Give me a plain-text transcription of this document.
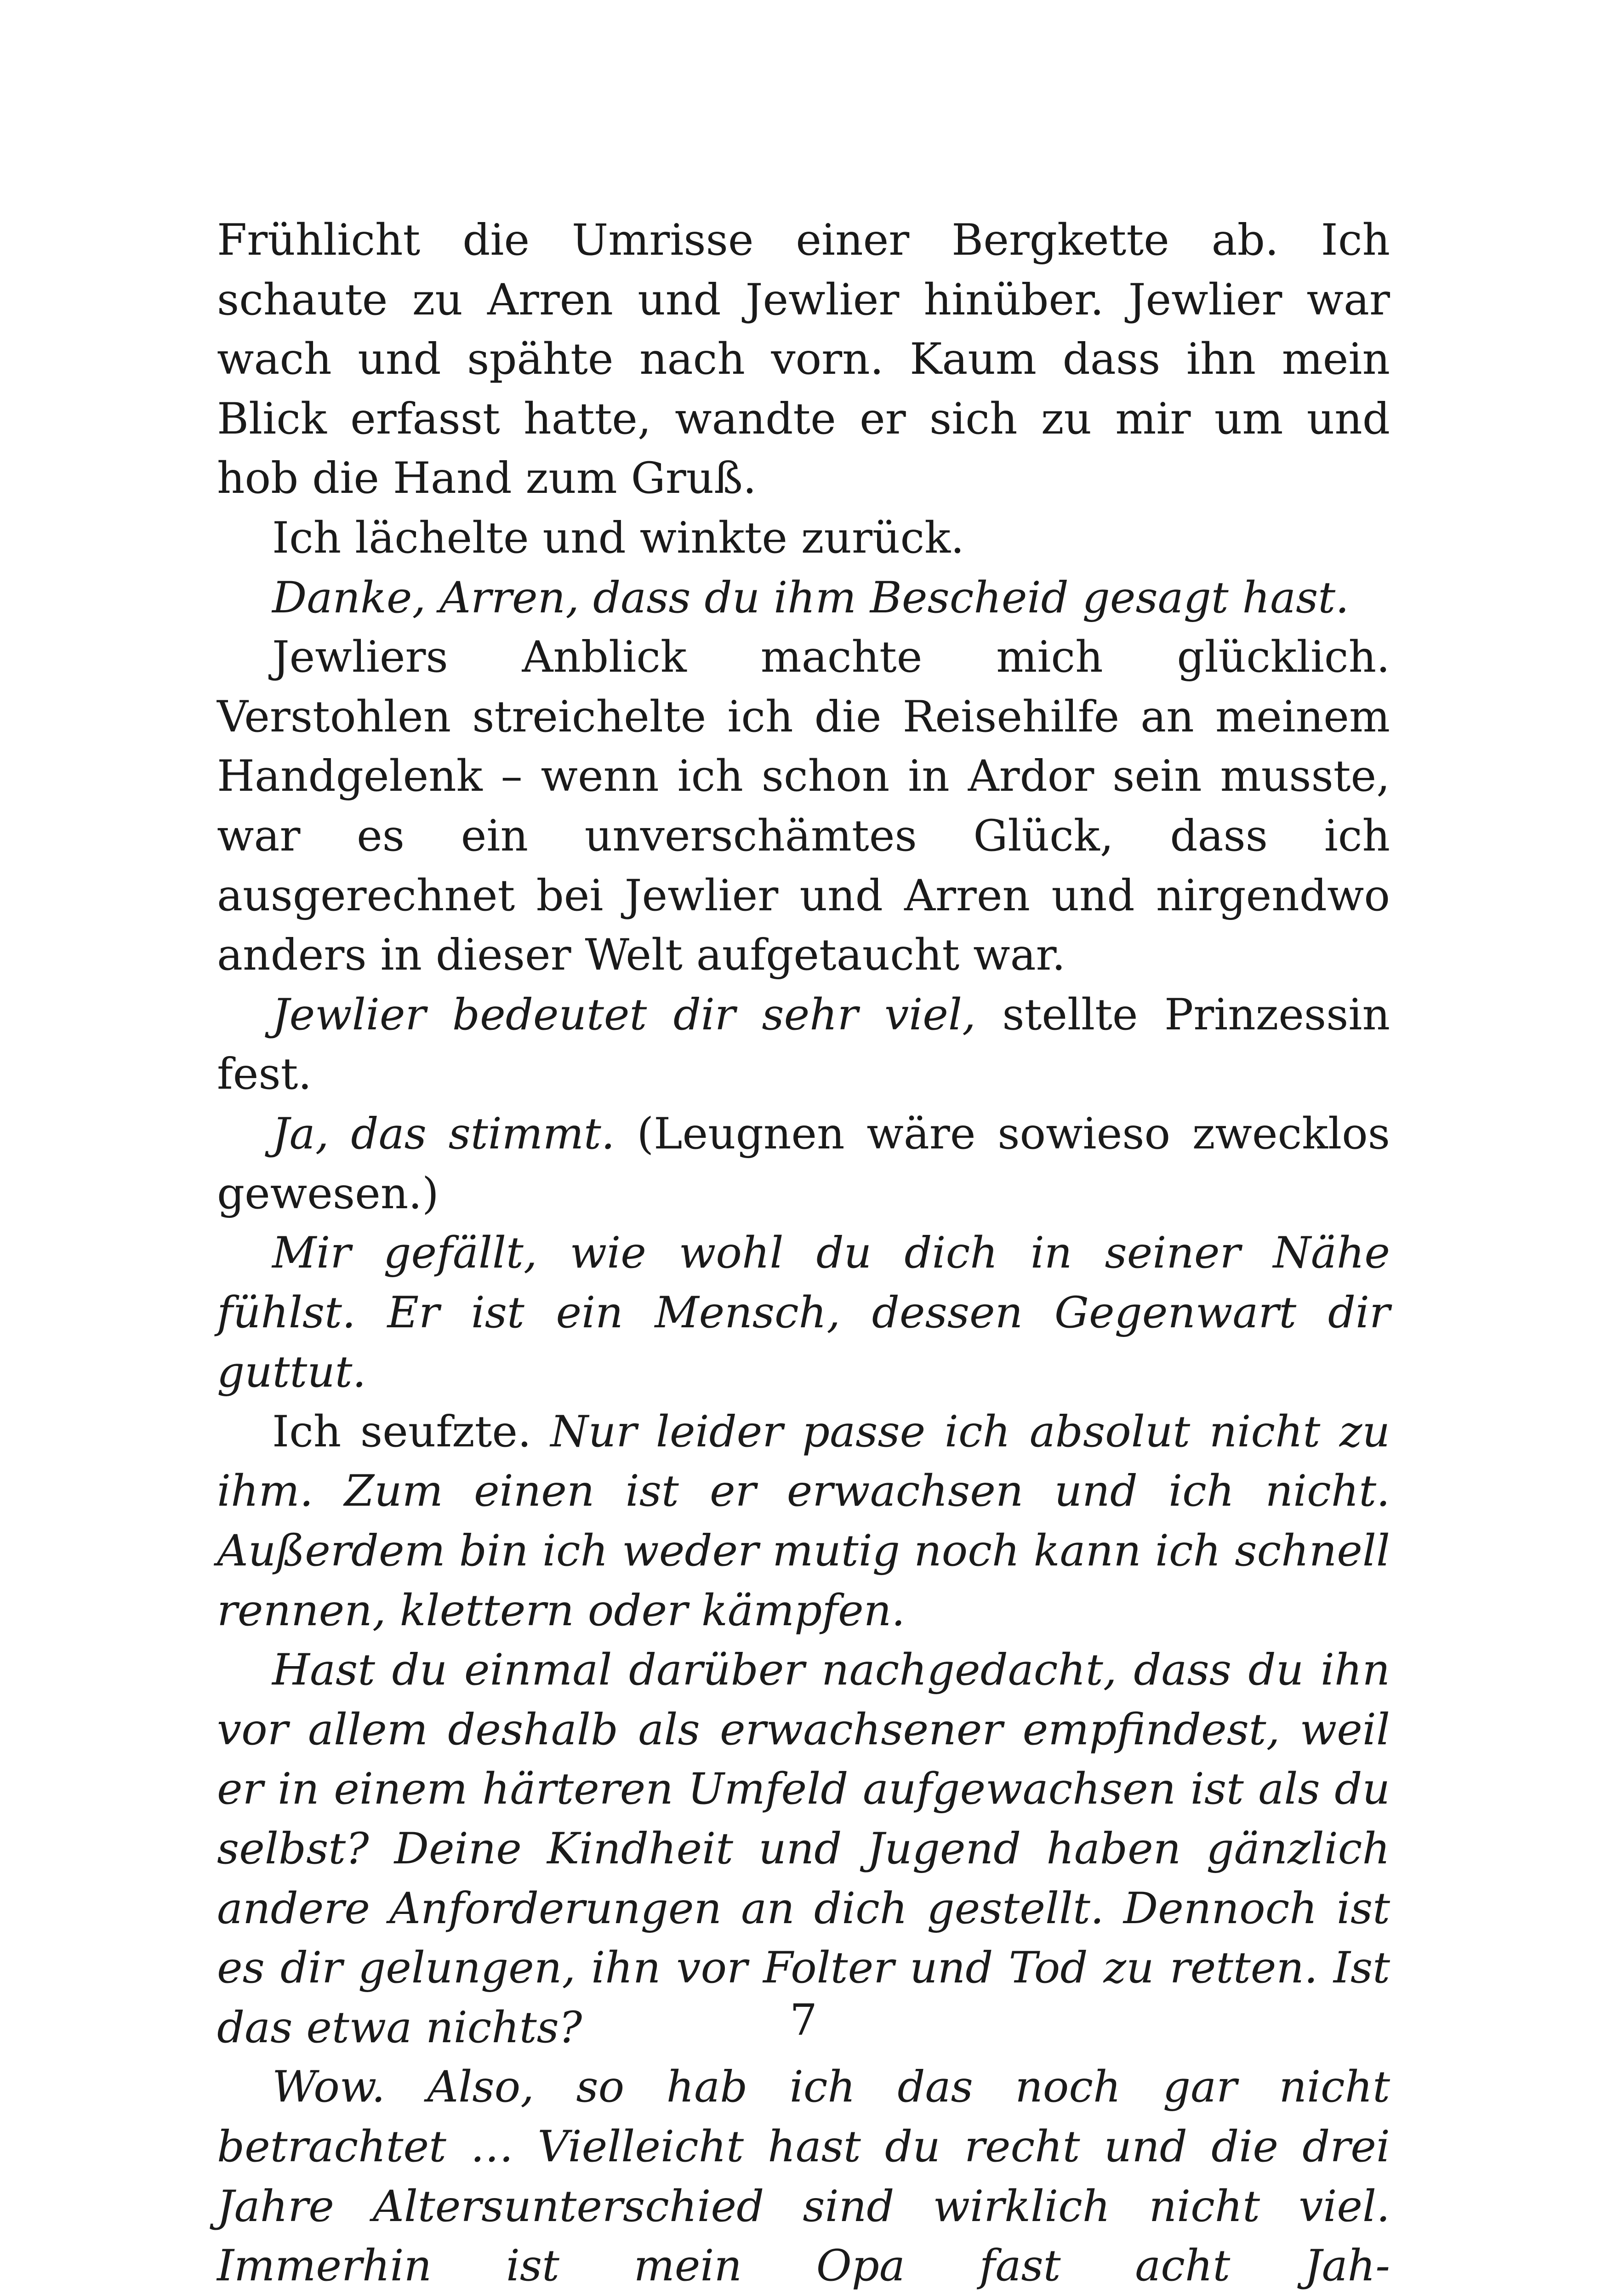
Frühlicht die Umrisse einer Bergkette ab. Ich schaute zu Arren und Jewlier hinüber. Jewlier war wach und spähte nach vorn. Kaum dass ihn mein Blick erfasst hatte, wandte er sich zu mir um und hob die Hand zum Gruß.

Ich lächelte und winkte zurück.

Danke, Arren, dass du ihm Bescheid gesagt hast.

Jewliers Anblick machte mich glücklich. Verstohlen streichelte ich die Reisehilfe an meinem Handgelenk – wenn ich schon in Ardor sein musste, war es ein unverschämtes Glück, dass ich ausgerechnet bei Jewlier und Arren und nirgendwo anders in dieser Welt aufgetaucht war.

Jewlier bedeutet dir sehr viel, stellte Prinzessin fest.

Ja, das stimmt. (Leugnen wäre sowieso zwecklos gewesen.)

Mir gefällt, wie wohl du dich in seiner Nähe fühlst. Er ist ein Mensch, dessen Gegenwart dir guttut.

Ich seufzte. Nur leider passe ich absolut nicht zu ihm. Zum einen ist er erwachsen und ich nicht. Außerdem bin ich weder mutig noch kann ich schnell rennen, klettern oder kämpfen.

Hast du einmal darüber nachgedacht, dass du ihn vor allem deshalb als erwachsener empfindest, weil er in einem härteren Umfeld aufgewachsen ist als du selbst? Deine Kindheit und Jugend haben gänzlich andere Anforderungen an dich gestellt. Dennoch ist es dir gelungen, ihn vor Folter und Tod zu retten. Ist das etwa nichts?

Wow. Also, so hab ich das noch gar nicht betrachtet … Vielleicht hast du recht und die drei Jahre Altersunterschied sind wirklich nicht viel. Immerhin ist mein Opa fast acht Jah-

7
